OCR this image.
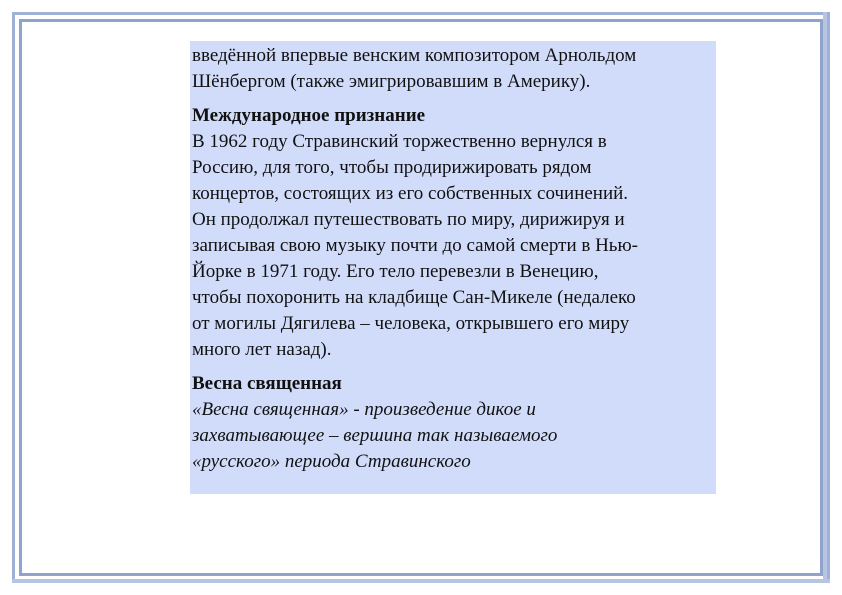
введённой впервые венским композитором Арнольдом
Шёнбергом (также эмигрировавшим в Америку).

Международное признание

В 1962 году Стравинский торжественно вернулся в
Россию, для того, чтобы продирижировать рядом
концертов, состоящих из его собственных сочинений.
Он продолжал путешествовать по миру, дирижируя и
записывая свою музыку почти до самой смерти в Нью-
Йорке в 1971 году. Его тело перевезли в Венецию,
чтобы похоронить на кладбище Сан-Микеле (недалеко
от могилы Дягилева – человека, открывшего его миру
много лет назад).

Весна священная

«Весна священная» - произведение дикое и
захватывающее – вершина так называемого
«русского» периода Стравинского
